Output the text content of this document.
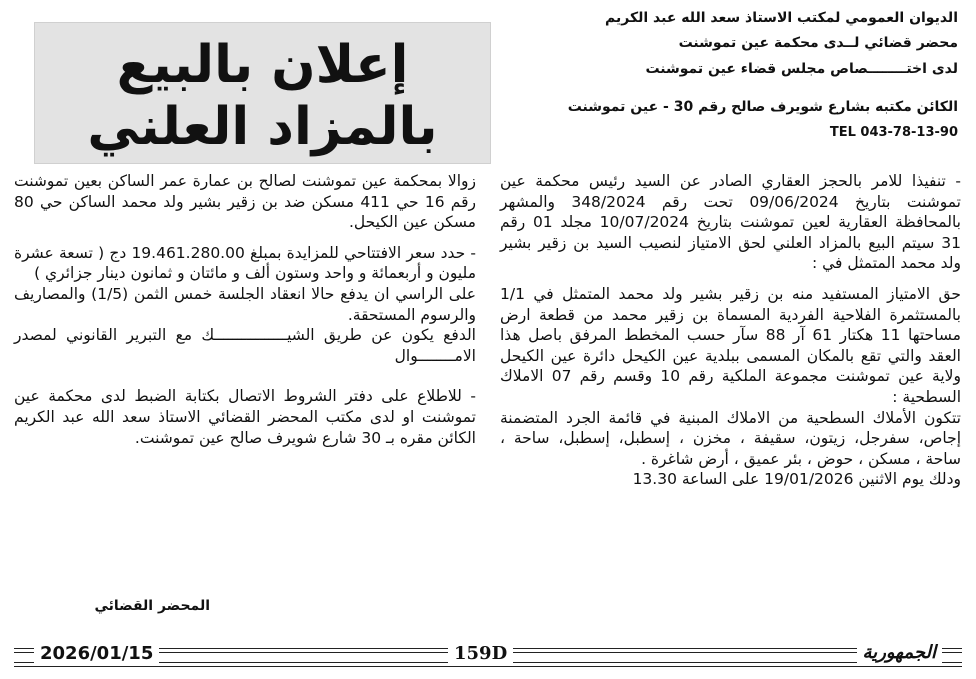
الديوان العمومي لمكتب الاستاذ سعد الله عبد الكريم
محضر قضائي لــدى محكمة عين تموشنت
لدى اختــــــــصاص مجلس قضاء عين تموشنت
الكائن مكتبه بشارع شويرف صالح رقم 30 - عين تموشنت
TEL 043-78-13-90
إعلان بالبيع
بالمزاد العلني

- تنفيذا للامر بالحجز العقاري الصادر عن السيد رئيس محكمة عين تموشنت بتاريخ 09/06/2024 تحت رقم 348/2024 والمشهر بالمحافظة العقارية لعين تموشنت بتاريخ 10/07/2024 مجلد 01 رقم 31 سيتم البيع بالمزاد العلني لحق الامتياز لنصيب السيد بن زقير بشير ولد محمد المتمثل في :

حق الامتياز المستفيد منه بن زقير بشير ولد محمد المتمثل في 1/1 بالمستثمرة الفلاحية الفردية المسماة بن زقير محمد من قطعة ارض مساحتها 11 هكتار 61 آر 88 سآر حسب المخطط المرفق باصل هذا العقد والتي تقع بالمكان المسمى ببلدية عين الكيحل دائرة عين الكيحل ولاية عين تموشنت مجموعة الملكية رقم 10 وقسم رقم 07 الاملاك السطحية :

تتكون الأملاك السطحية من الاملاك المبنية في قائمة الجرد المتضمنة إجاص، سفرجل، زيتون، سقيفة ، مخزن ، إسطبل، إسطبل، ساحة ، ساحة ، مسكن ، حوض ، بئر عميق ، أرض شاغرة .

ودلك يوم الاثنين 19/01/2026 على الساعة 13.30

زوالا بمحكمة عين تموشنت لصالح بن عمارة عمر الساكن بعين تموشنت رقم 16 حي 411 مسكن ضد بن زقير بشير ولد محمد الساكن حي 80 مسكن عين الكيحل.

- حدد سعر الافتتاحي للمزايدة بمبلغ 19.461.280.00 دج ( تسعة عشرة مليون و أربعمائة و واحد وستون ألف و مائتان و ثمانون دينار جزائري )

على الراسي ان يدفع حالا انعقاد الجلسة خمس الثمن (1/5) والمصاريف والرسوم المستحقة.

الدفع يكون عن طريق الشيــــــــــــــــك مع التبرير القانوني لمصدر الامــــــــوال

- للاطلاع على دفتر الشروط الاتصال بكتابة الضبط لدى محكمة عين تموشنت او لدى مكتب المحضر القضائي الاستاذ سعد الله عبد الكريم الكائن مقره بـ 30 شارع شويرف صالح عين تموشنت.

المحضر القضائي
2026/01/15	159D	الجمهورية
